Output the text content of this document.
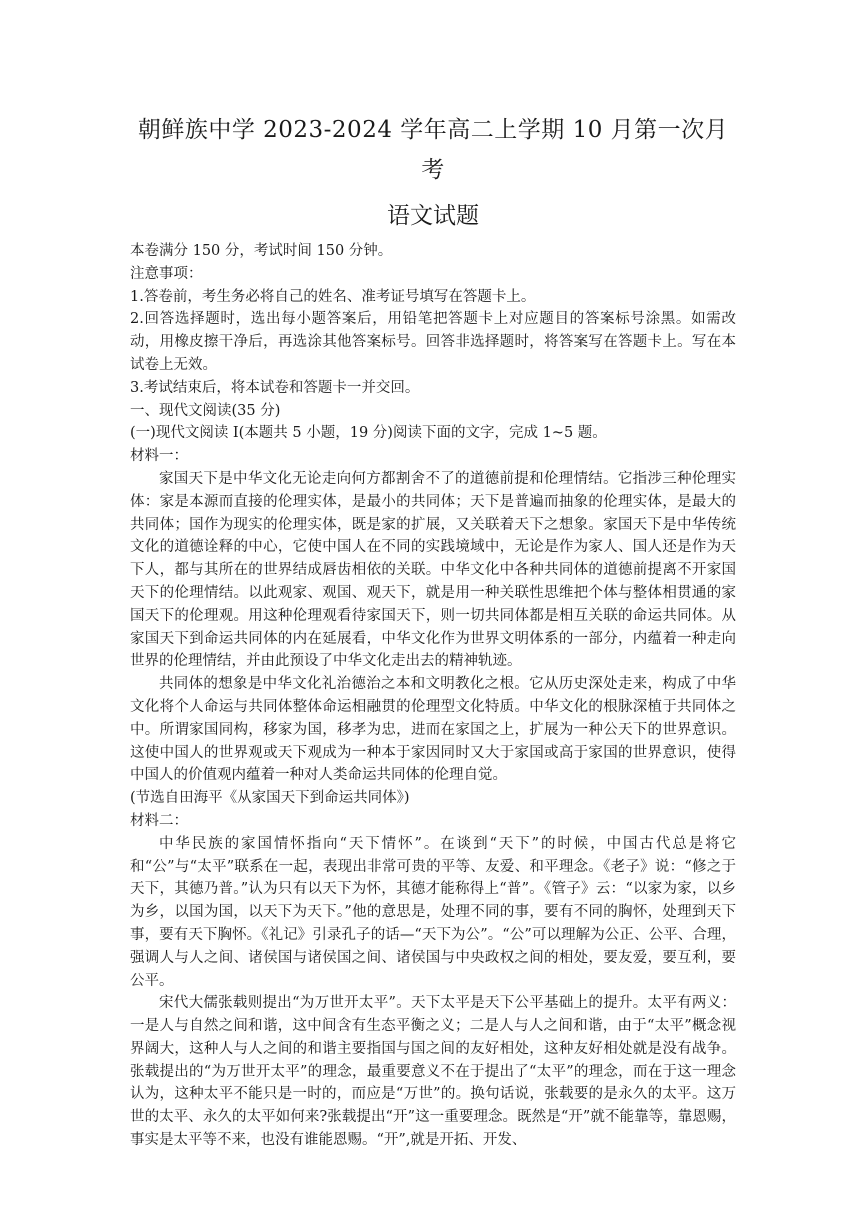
朝鲜族中学 2023-2024 学年高二上学期 10 月第一次月考
语文试题

本卷满分 150 分，考试时间 150 分钟。

注意事项：

1.答卷前，考生务必将自己的姓名、准考证号填写在答题卡上。

2.回答选择题时，选出每小题答案后，用铅笔把答题卡上对应题目的答案标号涂黑。如需改动，用橡皮擦干净后，再选涂其他答案标号。回答非选择题时，将答案写在答题卡上。写在本试卷上无效。

3.考试结束后，将本试卷和答题卡一并交回。

一、现代文阅读(35 分)

(一)现代文阅读 I(本题共 5 小题，19 分)阅读下面的文字，完成 1~5 题。

材料一：

家国天下是中华文化无论走向何方都割舍不了的道德前提和伦理情结。它指涉三种伦理实体：家是本源而直接的伦理实体，是最小的共同体；天下是普遍而抽象的伦理实体，是最大的共同体；国作为现实的伦理实体，既是家的扩展，又关联着天下之想象。家国天下是中华传统文化的道德诠释的中心，它使中国人在不同的实践境域中，无论是作为家人、国人还是作为天下人，都与其所在的世界结成唇齿相依的关联。中华文化中各种共同体的道德前提离不开家国天下的伦理情结。以此观家、观国、观天下，就是用一种关联性思维把个体与整体相贯通的家国天下的伦理观。用这种伦理观看待家国天下，则一切共同体都是相互关联的命运共同体。从家国天下到命运共同体的内在延展看，中华文化作为世界文明体系的一部分，内蕴着一种走向世界的伦理情结，并由此预设了中华文化走出去的精神轨迹。

共同体的想象是中华文化礼治德治之本和文明教化之根。它从历史深处走来，构成了中华文化将个人命运与共同体整体命运相融贯的伦理型文化特质。中华文化的根脉深植于共同体之中。所谓家国同构，移家为国，移孝为忠，进而在家国之上，扩展为一种公天下的世界意识。这使中国人的世界观或天下观成为一种本于家因同时又大于家国或高于家国的世界意识，使得中国人的价值观内蕴着一种对人类命运共同体的伦理自觉。

(节选自田海平《从家国天下到命运共同体》)

材料二：

中华民族的家国情怀指向“天下情怀”。在谈到“天下”的时候，中国古代总是将它和“公”与“太平”联系在一起，表现出非常可贵的平等、友爱、和平理念。《老子》说：“修之于天下，其德乃普。”认为只有以天下为怀，其德才能称得上“普”。《管子》云：“以家为家，以乡为乡，以国为国，以天下为天下。”他的意思是，处理不同的事，要有不同的胸怀，处理到天下事，要有天下胸怀。《礼记》引录孔子的话—“天下为公”。“公”可以理解为公正、公平、合理，强调人与人之间、诸侯国与诸侯国之间、诸侯国与中央政权之间的相处，要友爱，要互利，要公平。

宋代大儒张载则提出“为万世开太平”。天下太平是天下公平基础上的提升。太平有两义：一是人与自然之间和谐，这中间含有生态平衡之义；二是人与人之间和谐，由于“太平”概念视界阔大，这种人与人之间的和谐主要指国与国之间的友好相处，这种友好相处就是没有战争。张载提出的“为万世开太平”的理念，最重要意义不在于提出了“太平”的理念，而在于这一理念认为，这种太平不能只是一时的，而应是“万世”的。换句话说，张载要的是永久的太平。这万世的太平、永久的太平如何来?张载提出“开”这一重要理念。既然是“开”就不能靠等，靠恩赐，事实是太平等不来，也没有谁能恩赐。“开”,就是开拓、开发、
